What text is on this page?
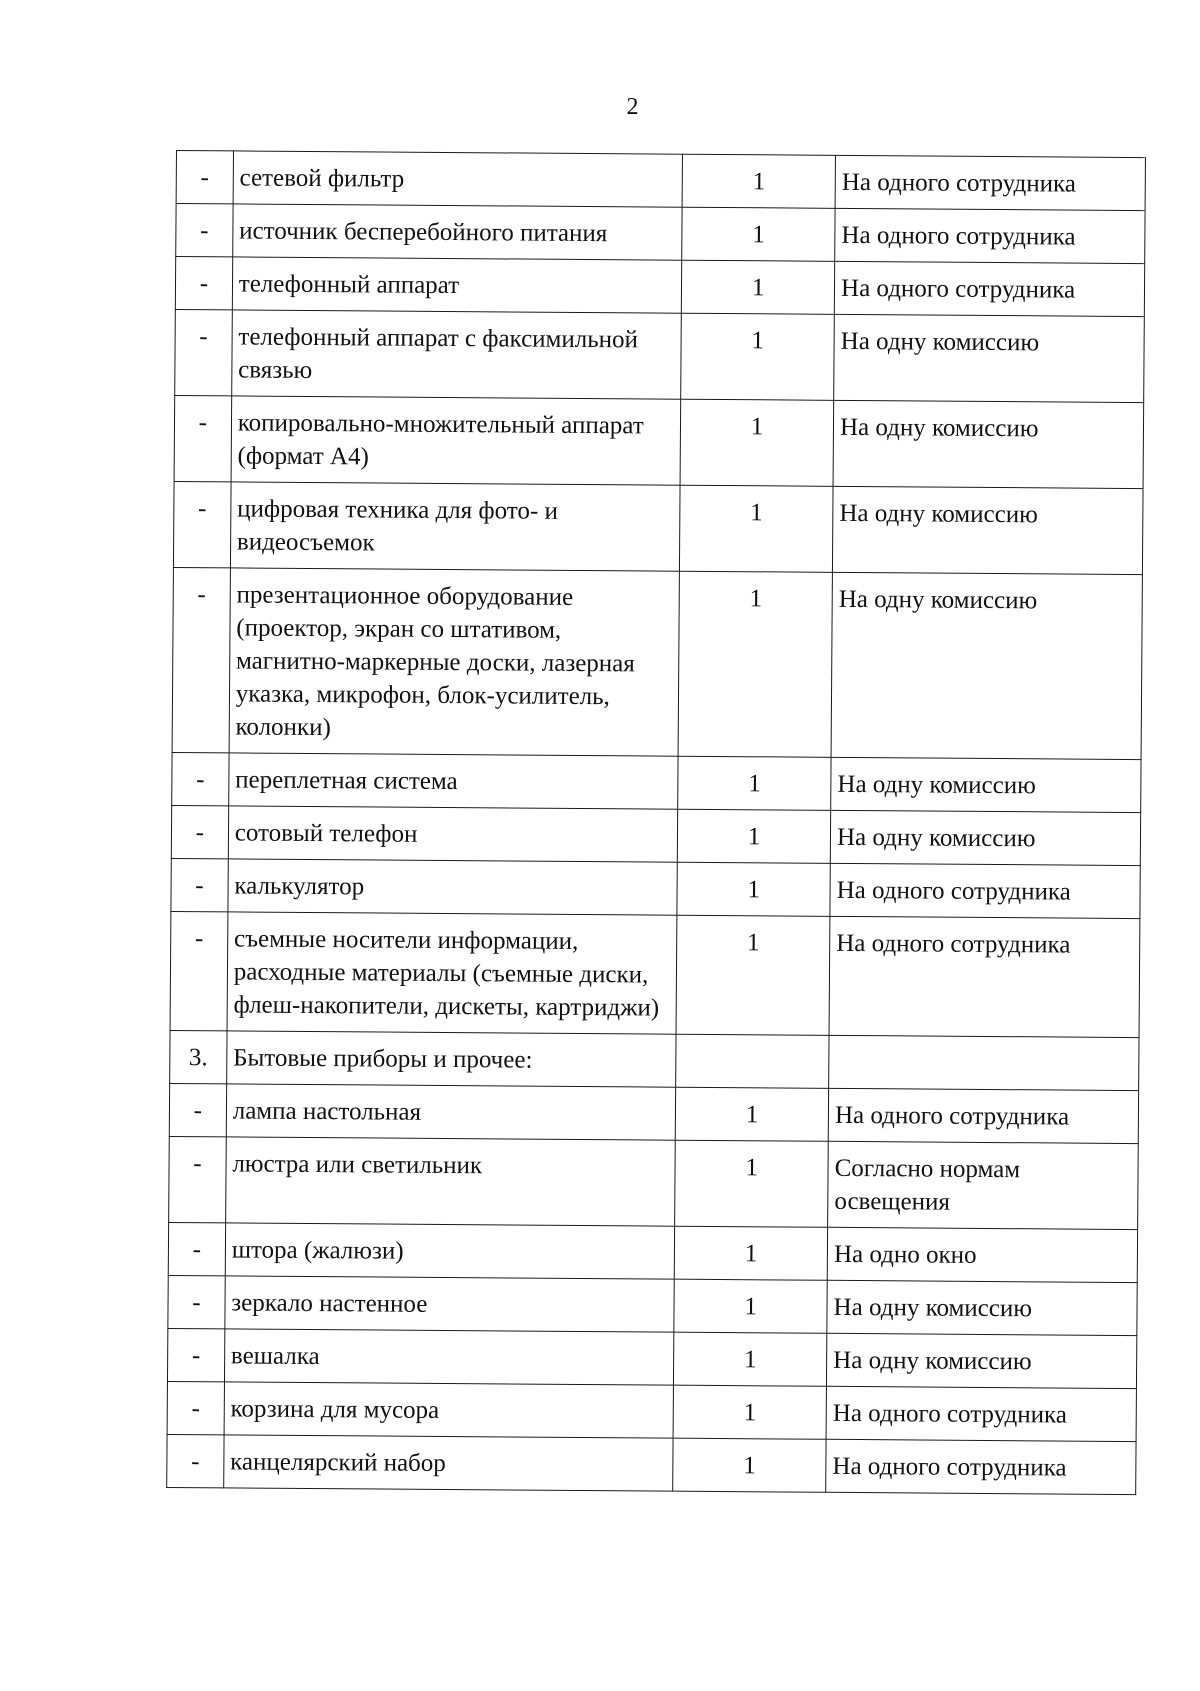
2
-	сетевой фильтр	1	На одного сотрудника
-	источник бесперебойного питания	1	На одного сотрудника
-	телефонный аппарат	1	На одного сотрудника
-	телефонный аппарат с факсимильной связью	1	На одну комиссию
-	копировально-множительный аппарат (формат А4)	1	На одну комиссию
-	цифровая техника для фото- и видеосъемок	1	На одну комиссию
-	презентационное оборудование (проектор, экран со штативом, магнитно-маркерные доски, лазерная указка, микрофон, блок-усилитель, колонки)	1	На одну комиссию
-	переплетная система	1	На одну комиссию
-	сотовый телефон	1	На одну комиссию
-	калькулятор	1	На одного сотрудника
-	съемные носители информации, расходные материалы (съемные диски, флеш-накопители, дискеты, картриджи)	1	На одного сотрудника
3.	Бытовые приборы и прочее:		
-	лампа настольная	1	На одного сотрудника
-	люстра или светильник	1	Согласно нормам освещения
-	штора (жалюзи)	1	На одно окно
-	зеркало настенное	1	На одну комиссию
-	вешалка	1	На одну комиссию
-	корзина для мусора	1	На одного сотрудника
-	канцелярский набор	1	На одного сотрудника
